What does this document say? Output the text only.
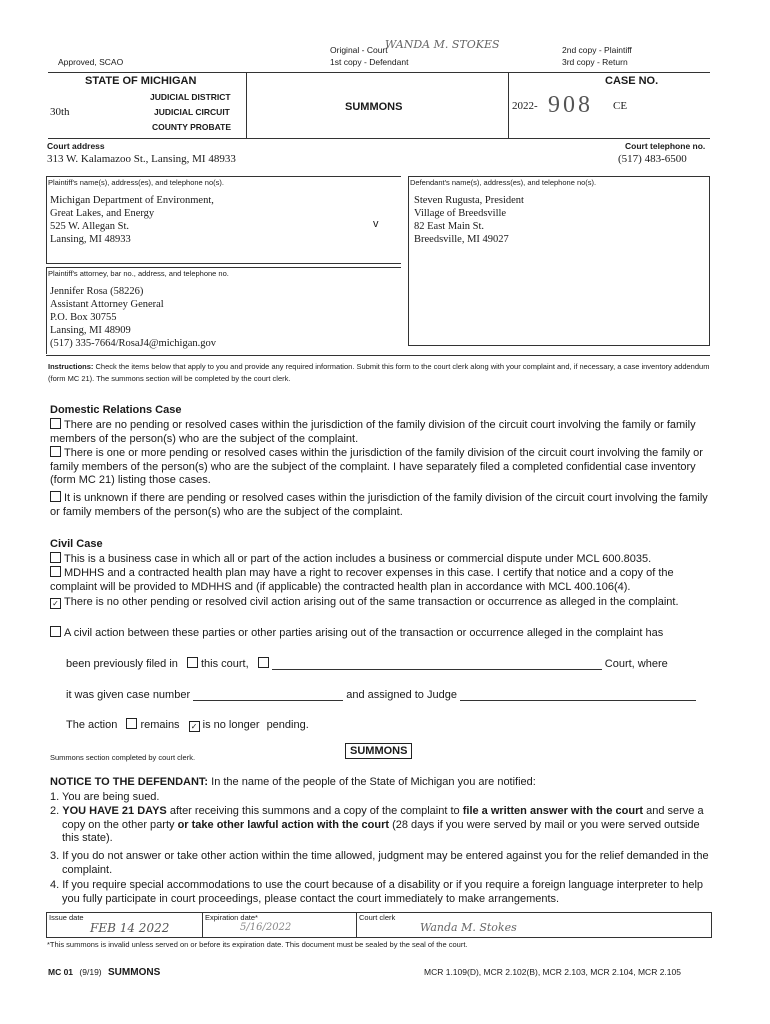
Approved, SCAO
Original - Court
WANDA M. STOKES
1st copy - Defendant
2nd copy - Plaintiff
3rd copy - Return
STATE OF MICHIGAN
JUDICIAL DISTRICT
JUDICIAL CIRCUIT
COUNTY PROBATE
30th	SUMMONS
CASE NO.
2022- 908 CE
Court address
313 W. Kalamazoo St., Lansing, MI 48933
Court telephone no.
(517) 483-6500
Plaintiff's name(s), address(es), and telephone no(s).
Michigan Department of Environment,
Great Lakes, and Energy
525 W. Allegan St.
Lansing, MI 48933
v
Defendant's name(s), address(es), and telephone no(s).
Steven Rugusta, President
Village of Breedsville
82 East Main St.
Breedsville, MI 49027
Plaintiff's attorney, bar no., address, and telephone no.
Jennifer Rosa (58226)
Assistant Attorney General
P.O. Box 30755
Lansing, MI 48909
(517) 335-7664/RosaJ4@michigan.gov
Instructions: Check the items below that apply to you and provide any required information. Submit this form to the court clerk along with your complaint and, if necessary, a case inventory addendum (form MC 21). The summons section will be completed by the court clerk.
Domestic Relations Case
There are no pending or resolved cases within the jurisdiction of the family division of the circuit court involving the family or family members of the person(s) who are the subject of the complaint.
There is one or more pending or resolved cases within the jurisdiction of the family division of the circuit court involving the family or family members of the person(s) who are the subject of the complaint. I have separately filed a completed confidential case inventory (form MC 21) listing those cases.
It is unknown if there are pending or resolved cases within the jurisdiction of the family division of the circuit court involving the family or family members of the person(s) who are the subject of the complaint.
Civil Case
This is a business case in which all or part of the action includes a business or commercial dispute under MCL 600.8035.
MDHHS and a contracted health plan may have a right to recover expenses in this case. I certify that notice and a copy of the complaint will be provided to MDHHS and (if applicable) the contracted health plan in accordance with MCL 400.106(4).
✓ There is no other pending or resolved civil action arising out of the same transaction or occurrence as alleged in the complaint.
A civil action between these parties or other parties arising out of the transaction or occurrence alleged in the complaint has
been previously filed in this court,	Court, where
it was given case number	and assigned to Judge
The action remains ✓ is no longer pending.
Summons section completed by court clerk.
SUMMONS
NOTICE TO THE DEFENDANT: In the name of the people of the State of Michigan you are notified:
1. You are being sued.
2. YOU HAVE 21 DAYS after receiving this summons and a copy of the complaint to file a written answer with the court and serve a copy on the other party or take other lawful action with the court (28 days if you were served by mail or you were served outside this state).
3. If you do not answer or take other action within the time allowed, judgment may be entered against you for the relief demanded in the complaint.
4. If you require special accommodations to use the court because of a disability or if you require a foreign language interpreter to help you fully participate in court proceedings, please contact the court immediately to make arrangements.
Issue date
FEB 14 2022
Expiration date*
5/16/2022
Court clerk
Wanda M. Stokes
*This summons is invalid unless served on or before its expiration date. This document must be sealed by the seal of the court.
MC 01 (9/19) SUMMONS	MCR 1.109(D), MCR 2.102(B), MCR 2.103, MCR 2.104, MCR 2.105
